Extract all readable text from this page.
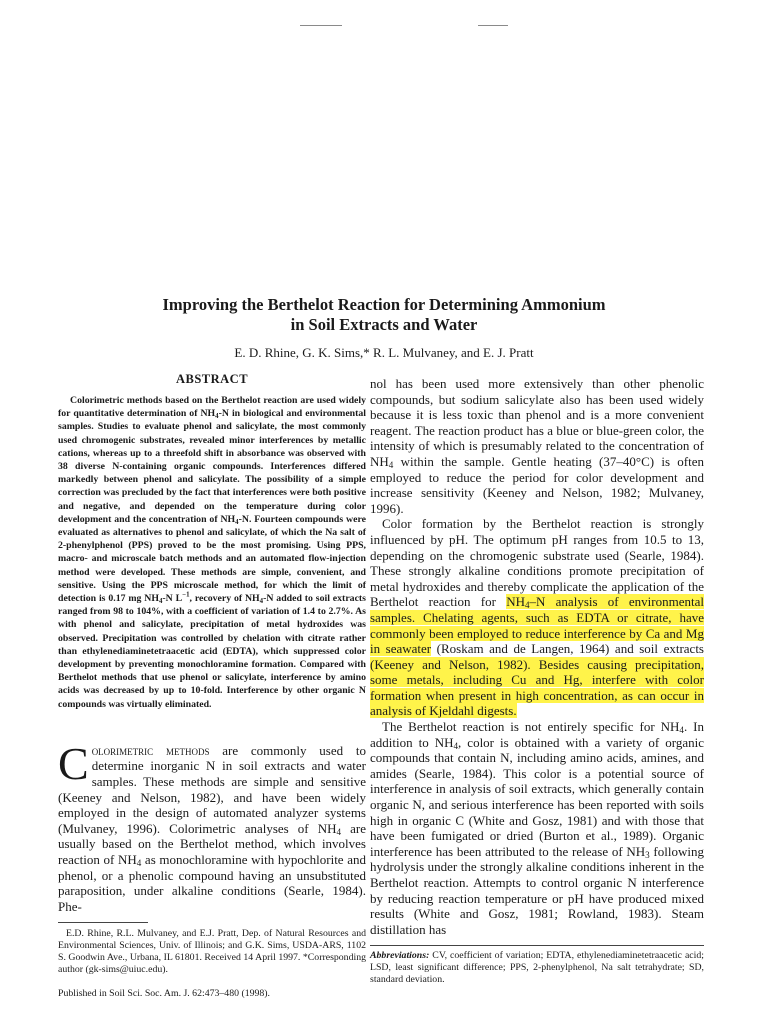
Improving the Berthelot Reaction for Determining Ammonium
in Soil Extracts and Water
E. D. Rhine, G. K. Sims,* R. L. Mulvaney, and E. J. Pratt
ABSTRACT

Colorimetric methods based on the Berthelot reaction are used widely for quantitative determination of $NH_4-N$ in biological and environmental samples. Studies to evaluate phenol and salicylate, the most commonly used chromogenic substrates, revealed minor interferences by metallic cations, whereas up to a threefold shift in absorbance was observed with 38 diverse N-containing organic compounds. Interferences differed markedly between phenol and salicylate. The possibility of a simple correction was precluded by the fact that interferences were both positive and negative, and depended on the temperature during color development and the concentration of $NH_4-N$. Fourteen compounds were evaluated as alternatives to phenol and salicylate, of which the Na salt of 2-phenylphenol (PPS) proved to be the most promising. Using PPS, macro- and microscale batch methods and an automated flow-injection method were developed. These methods are simple, convenient, and sensitive. Using the PPS microscale method, for which the limit of detection is 0.17 mg $NH_4-N$ $L^{-1}$, recovery of $NH_4-N$ added to soil extracts ranged from 98 to 104%, with a coefficient of variation of 1.4 to 2.7%. As with phenol and salicylate, precipitation of metal hydroxides was observed. Precipitation was controlled by chelation with citrate rather than ethylenediaminetetraacetic acid (EDTA), which suppressed color development by preventing monochloramine formation. Compared with Berthelot methods that use phenol or salicylate, interference by amino acids was decreased by up to 10-fold. Interference by other organic N compounds was virtually eliminated.

Colorimetric methods are commonly used to determine inorganic N in soil extracts and water samples. These methods are simple and sensitive (Keeney and Nelson, 1982), and have been widely employed in the design of automated analyzer systems (Mulvaney, 1996). Colorimetric analyses of $NH_4$ are usually based on the Berthelot method, which involves reaction of $NH_4$ as monochloramine with hypochlorite and phenol, or a phenolic compound having an unsubstituted paraposition, under alkaline conditions (Searle, 1984). Phe-

E.D. Rhine, R.L. Mulvaney, and E.J. Pratt, Dep. of Natural Resources and Environmental Sciences, Univ. of Illinois; and G.K. Sims, USDA-ARS, 1102 S. Goodwin Ave., Urbana, IL 61801. Received 14 April 1997. *Corresponding author (gk-sims@uiuc.edu).

Published in Soil Sci. Soc. Am. J. 62:473–480 (1998).

nol has been used more extensively than other phenolic compounds, but sodium salicylate also has been used widely because it is less toxic than phenol and is a more convenient reagent. The reaction product has a blue or blue-green color, the intensity of which is presumably related to the concentration of $NH_4$ within the sample. Gentle heating (37–40°C) is often employed to reduce the period for color development and increase sensitivity (Keeney and Nelson, 1982; Mulvaney, 1996).

Color formation by the Berthelot reaction is strongly influenced by pH. The optimum pH ranges from 10.5 to 13, depending on the chromogenic substrate used (Searle, 1984). These strongly alkaline conditions promote precipitation of metal hydroxides and thereby complicate the application of the Berthelot reaction for $NH_4-N$ analysis of environmental samples. Chelating agents, such as EDTA or citrate, have commonly been employed to reduce interference by Ca and Mg in seawater (Roskam and de Langen, 1964) and soil extracts (Keeney and Nelson, 1982). Besides causing precipitation, some metals, including Cu and Hg, interfere with color formation when present in high concentration, as can occur in analysis of Kjeldahl digests.

The Berthelot reaction is not entirely specific for $NH_4$. In addition to $NH_4$, color is obtained with a variety of organic compounds that contain N, including amino acids, amines, and amides (Searle, 1984). This color is a potential source of interference in analysis of soil extracts, which generally contain organic N, and serious interference has been reported with soils high in organic C (White and Gosz, 1981) and with those that have been fumigated or dried (Burton et al., 1989). Organic interference has been attributed to the release of $NH_3$ following hydrolysis under the strongly alkaline conditions inherent in the Berthelot reaction. Attempts to control organic N interference by reducing reaction temperature or pH have produced mixed results (White and Gosz, 1981; Rowland, 1983). Steam distillation has

Abbreviations: CV, coefficient of variation; EDTA, ethylenediaminetetraacetic acid; LSD, least significant difference; PPS, 2-phenylphenol, Na salt tetrahydrate; SD, standard deviation.
